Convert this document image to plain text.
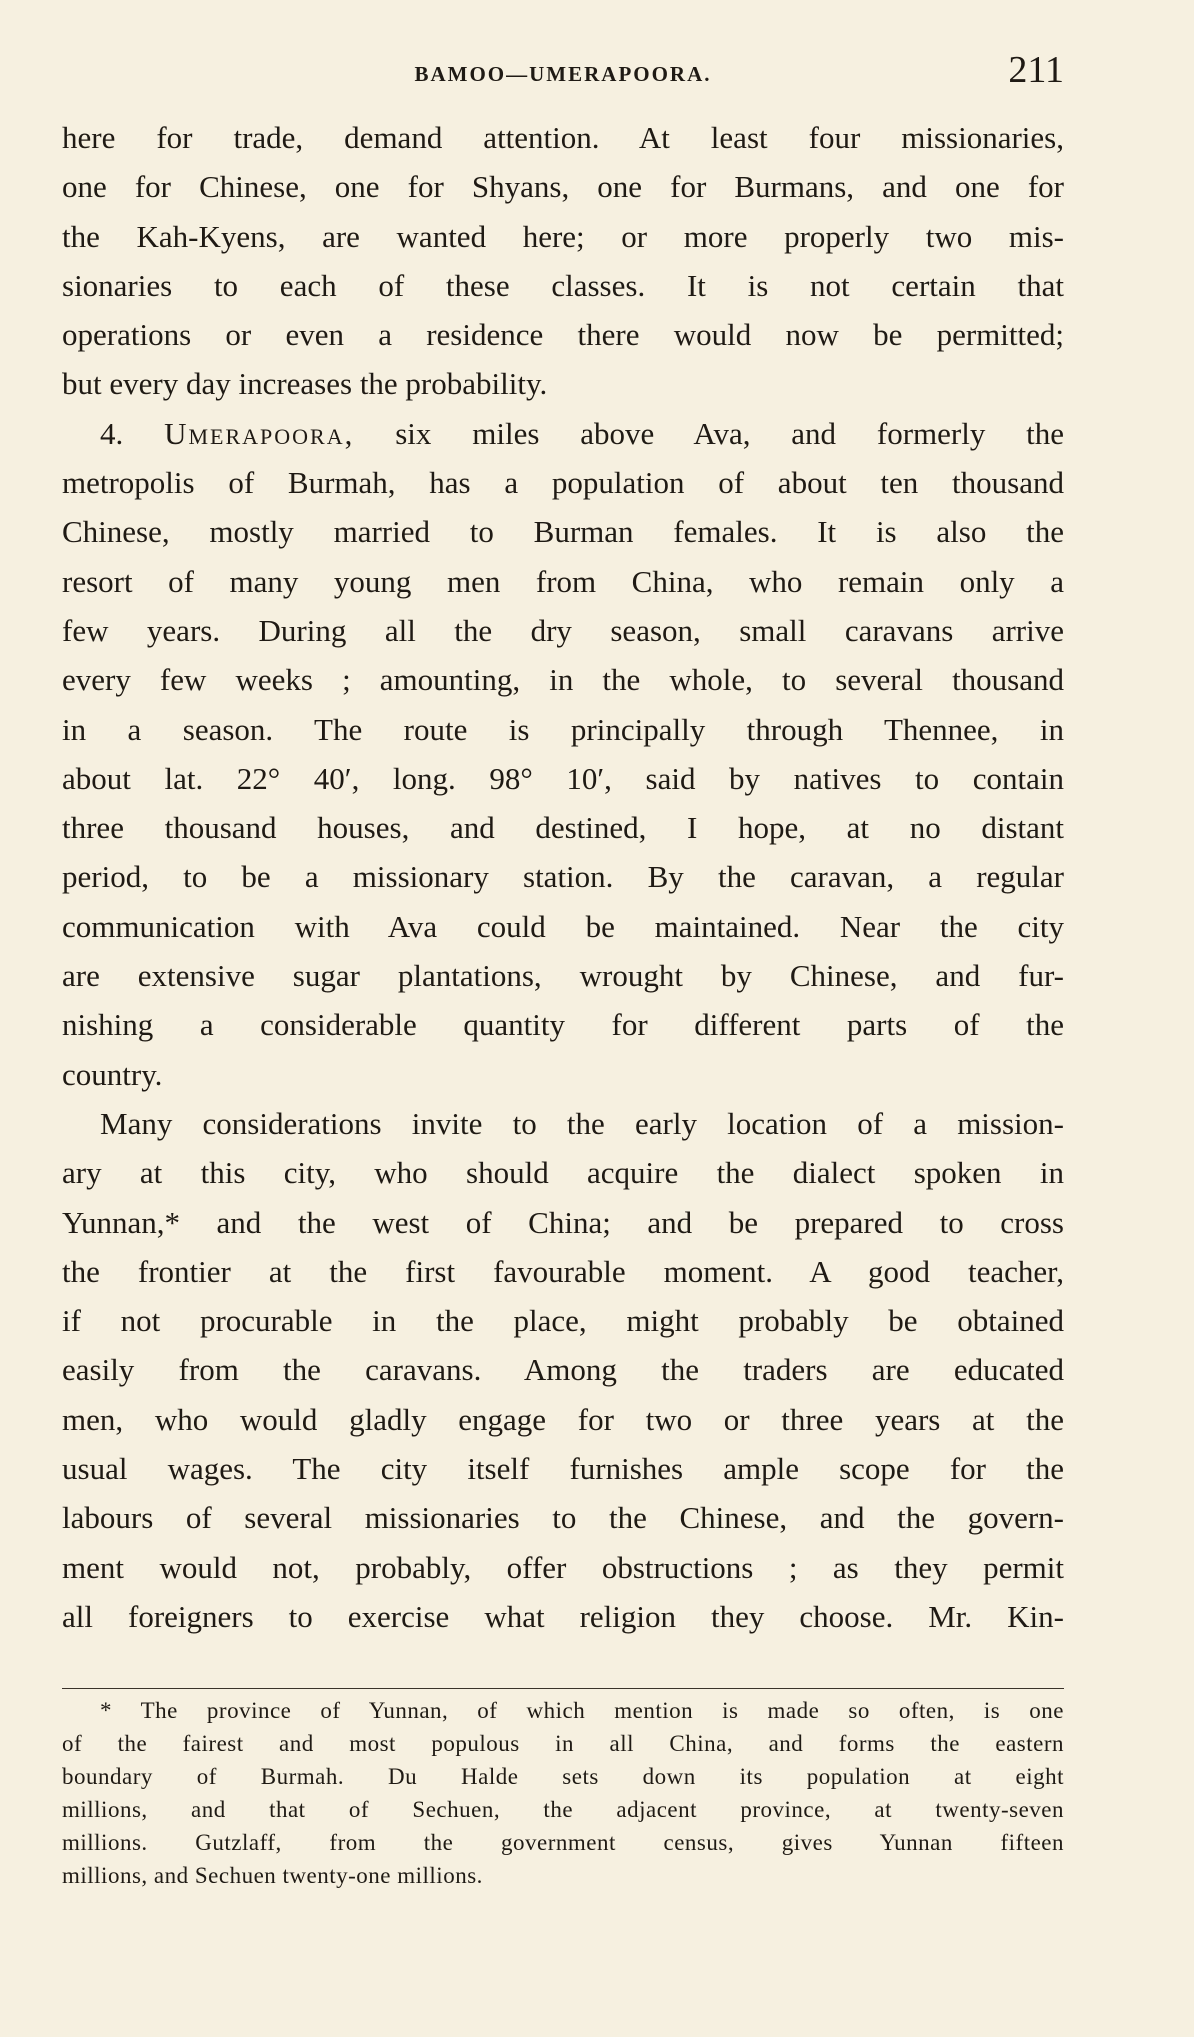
BAMOO—UMERAPOORA.	211
here for trade, demand attention. At least four missionaries,
one for Chinese, one for Shyans, one for Burmans, and one for
the Kah-Kyens, are wanted here; or more properly two mis-
sionaries to each of these classes. It is not certain that
operations or even a residence there would now be permitted;
but every day increases the probability.
4. Umerapoora, six miles above Ava, and formerly the
metropolis of Burmah, has a population of about ten thousand
Chinese, mostly married to Burman females. It is also the
resort of many young men from China, who remain only a
few years. During all the dry season, small caravans arrive
every few weeks ; amounting, in the whole, to several thousand
in a season. The route is principally through Thennee, in
about lat. 22° 40′, long. 98° 10′, said by natives to contain
three thousand houses, and destined, I hope, at no distant
period, to be a missionary station. By the caravan, a regular
communication with Ava could be maintained. Near the city
are extensive sugar plantations, wrought by Chinese, and fur-
nishing a considerable quantity for different parts of the
country.
Many considerations invite to the early location of a mission-
ary at this city, who should acquire the dialect spoken in
Yunnan,* and the west of China; and be prepared to cross
the frontier at the first favourable moment. A good teacher,
if not procurable in the place, might probably be obtained
easily from the caravans. Among the traders are educated
men, who would gladly engage for two or three years at the
usual wages. The city itself furnishes ample scope for the
labours of several missionaries to the Chinese, and the govern-
ment would not, probably, offer obstructions ; as they permit
all foreigners to exercise what religion they choose. Mr. Kin-
* The province of Yunnan, of which mention is made so often, is one
of the fairest and most populous in all China, and forms the eastern
boundary of Burmah. Du Halde sets down its population at eight
millions, and that of Sechuen, the adjacent province, at twenty-seven
millions. Gutzlaff, from the government census, gives Yunnan fifteen
millions, and Sechuen twenty-one millions.
